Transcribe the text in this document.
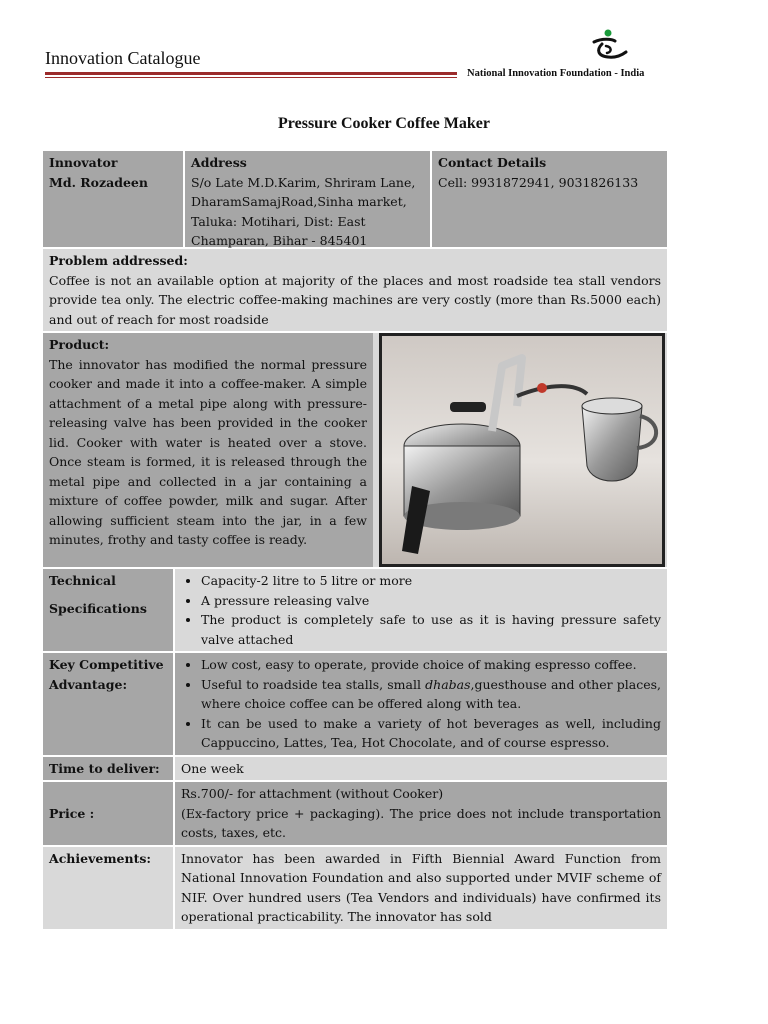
Innovation Catalogue
National Innovation Foundation - India
Pressure Cooker Coffee Maker
Innovator
Md. Rozadeen
Address
S/o Late M.D.Karim, Shriram Lane, DharamSamajRoad,Sinha market, Taluka: Motihari, Dist: East Champaran, Bihar - 845401
Contact Details
Cell: 9931872941, 9031826133
Problem addressed:
Coffee is not an available option at majority of the places and most roadside tea stall vendors provide tea only. The electric coffee-making machines are very costly (more than Rs.5000 each) and out of reach for most roadside
Product:
The innovator has modified the normal pressure cooker and made it into a coffee-maker. A simple attachment of a metal pipe along with pressure-releasing valve has been provided in the cooker lid. Cooker with water is heated over a stove. Once steam is formed, it is released through the metal pipe and collected in a jar containing a mixture of coffee powder, milk and sugar. After allowing sufficient steam into the jar, in a few minutes, frothy and tasty coffee is ready.
Technical
Specifications
• Capacity-2 litre to 5 litre or more
• A pressure releasing valve
• The product is completely safe to use as it is having pressure safety valve attached
Key Competitive
Advantage:
• Low cost, easy to operate, provide choice of making espresso coffee.
• Useful to roadside tea stalls, small dhabas,guesthouse and other places, where choice coffee can be offered along with tea.
• It can be used to make a variety of hot beverages as well, including Cappuccino, Lattes, Tea, Hot Chocolate, and of course espresso.
Time to deliver:	One week
Price :
Rs.700/- for attachment (without Cooker)
(Ex-factory price + packaging). The price does not include transportation costs, taxes, etc.
Achievements:	Innovator has been awarded in Fifth Biennial Award Function from National Innovation Foundation and also supported under MVIF scheme of NIF. Over hundred users (Tea Vendors and individuals) have confirmed its operational practicability. The innovator has sold
